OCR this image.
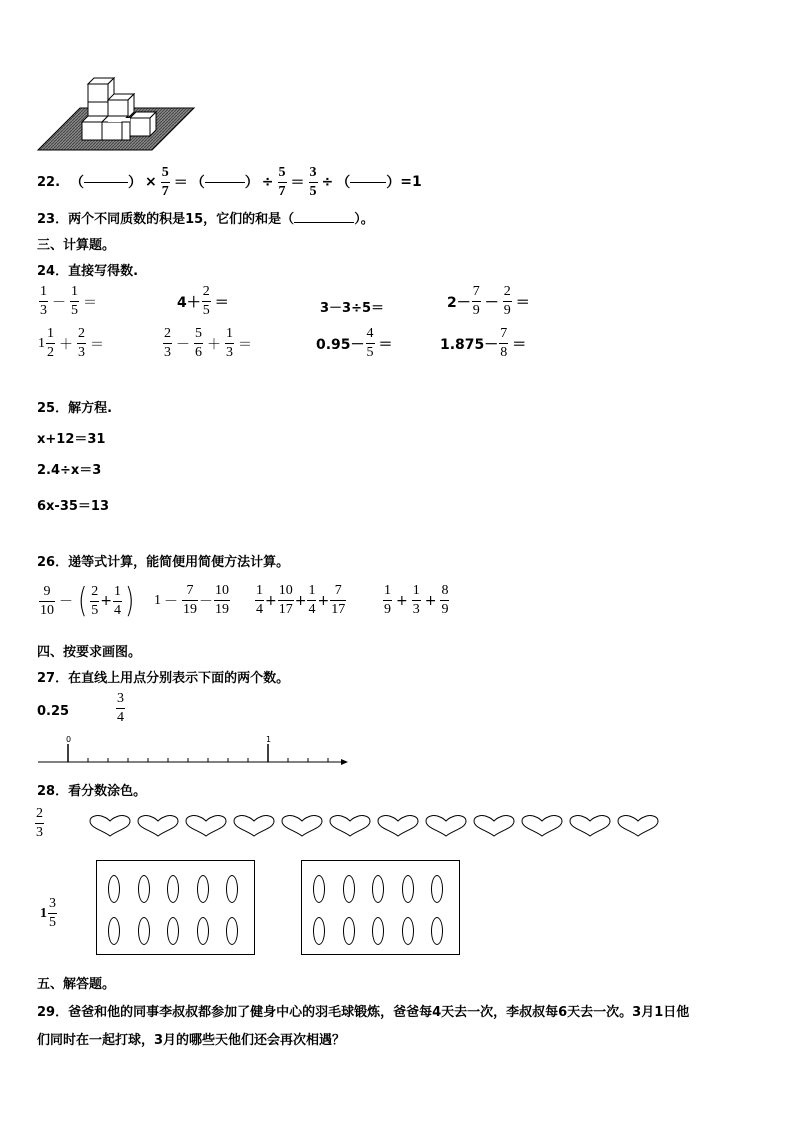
22. （	） × $\frac{5}{7}$ ＝ （	） ÷ $\frac{5}{7} = \frac{3}{5}$ ÷ （	） =1
23．两个不同质数的积是15，它们的和是（	）。
三、计算题。
24．直接写得数.
$\frac{1}{3} - \frac{1}{5}$ ＝	$4+ \frac{2}{5}$ ＝	3－3÷5＝	$2- \frac{7}{9} - \frac{2}{9}$ ＝
$1 \frac{1}{2} + \frac{2}{3}$ ＝	$\frac{2}{3} - \frac{5}{6} + \frac{1}{3}$ ＝	$0.95- \frac{4}{5}$ ＝	$1.875- \frac{7}{8}$ ＝
25．解方程.
x+12＝31
2.4÷x＝3
6x-35＝13
26．递等式计算，能简便用简便方法计算。
$\frac{9}{10}$ － ( $\frac{2}{5} + \frac{1}{4}$ ) $1 - \frac{7}{19} - \frac{10}{19} \frac{1}{4} + \frac{10}{17} + \frac{1}{4} + \frac{7}{17}$	$\frac{1}{9} + \frac{1}{3} + \frac{8}{9}$
四、按要求画图。
27．在直线上用点分别表示下面的两个数。
0.25	$\frac{3}{4}$
0	1
28．看分数涂色。
$\frac{2}{3}$
$1 \frac{3}{5}$
五、解答题。
29．爸爸和他的同事李叔叔都参加了健身中心的羽毛球锻炼，爸爸每4天去一次，李叔叔每6天去一次。3月1日他
们同时在一起打球，3月的哪些天他们还会再次相遇？
